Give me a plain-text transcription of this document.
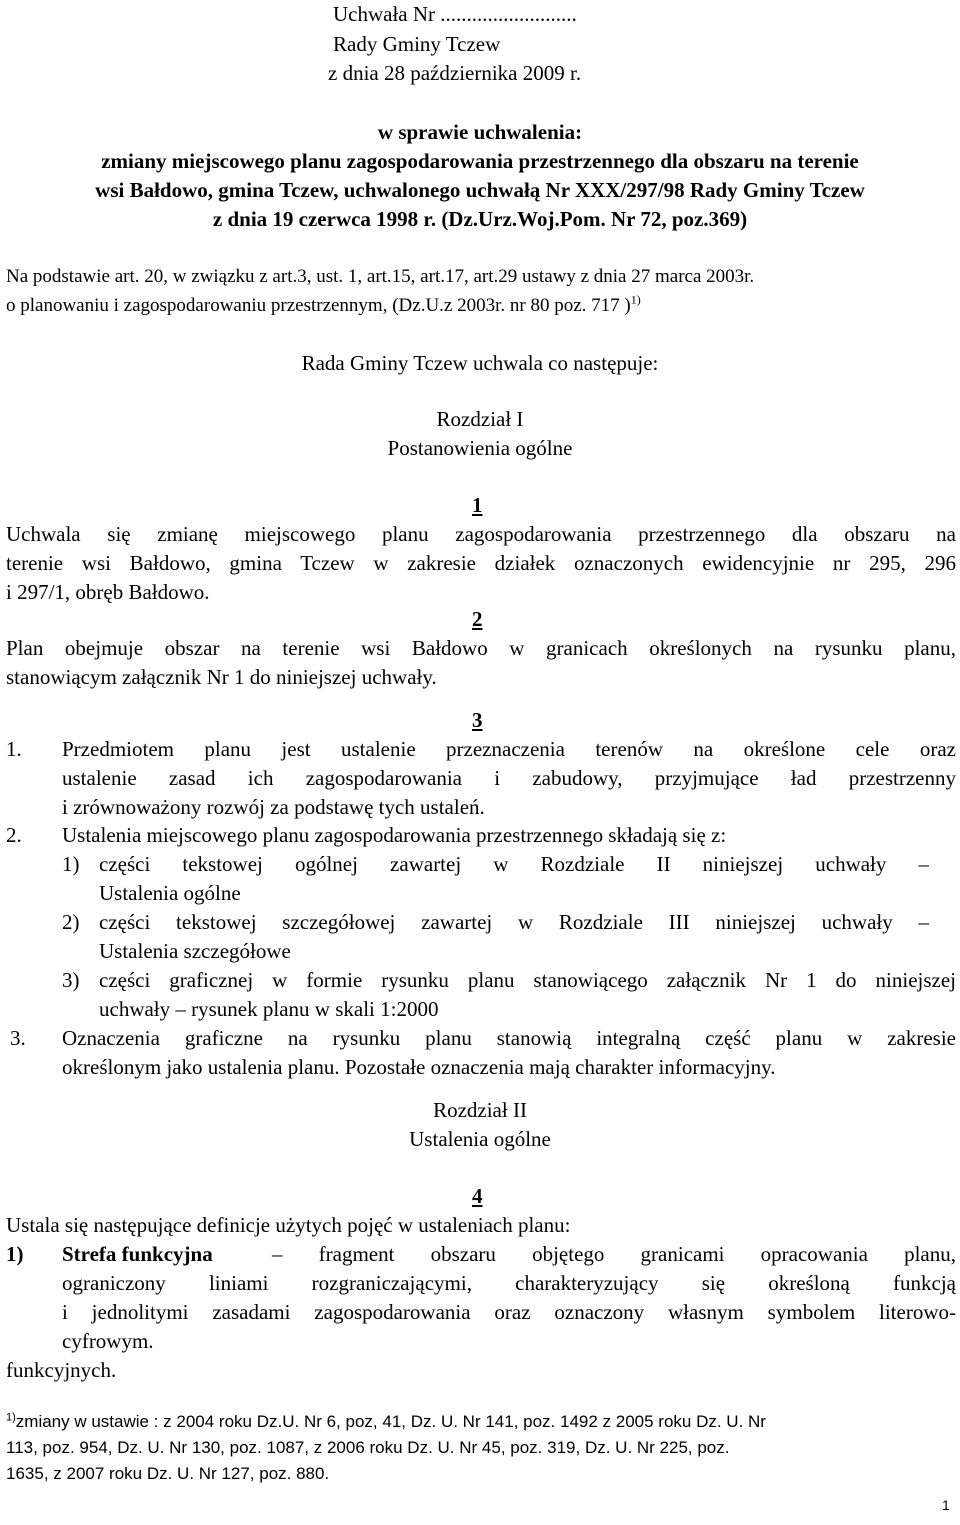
Uchwała Nr ..........................
Rady Gminy Tczew
z dnia 28 października 2009 r.
w sprawie uchwalenia:
zmiany miejscowego planu zagospodarowania przestrzennego dla obszaru na terenie
wsi Bałdowo, gmina Tczew, uchwalonego uchwałą Nr XXX/297/98 Rady Gminy Tczew
z dnia 19 czerwca 1998 r. (Dz.Urz.Woj.Pom. Nr 72, poz.369)
Na podstawie art. 20, w związku z art.3, ust. 1, art.15, art.17, art.29 ustawy z dnia 27 marca 2003r.
o planowaniu i zagospodarowaniu przestrzennym, (Dz.U.z 2003r. nr 80 poz. 717 )$^{1)}$
Rada Gminy Tczew uchwala co następuje:
Rozdział I
Postanowienia ogólne
1
Uchwala się zmianę miejscowego planu zagospodarowania przestrzennego dla obszaru na
terenie wsi Bałdowo, gmina Tczew w zakresie działek oznaczonych ewidencyjnie nr 295, 296
i 297/1, obręb Bałdowo.
2
Plan obejmuje obszar na terenie wsi Bałdowo w granicach określonych na rysunku planu,
stanowiącym załącznik Nr 1 do niniejszej uchwały.
3
1. Przedmiotem planu jest ustalenie przeznaczenia terenów na określone cele oraz
ustalenie zasad ich zagospodarowania i zabudowy, przyjmujące ład przestrzenny
i zrównoważony rozwój za podstawę tych ustaleń.
2. Ustalenia miejscowego planu zagospodarowania przestrzennego składają się z:
1) części tekstowej ogólnej zawartej w Rozdziale II niniejszej uchwały –
Ustalenia ogólne
2) części tekstowej szczegółowej zawartej w Rozdziale III niniejszej uchwały –
Ustalenia szczegółowe
3) części graficznej w formie rysunku planu stanowiącego załącznik Nr 1 do niniejszej
uchwały – rysunek planu w skali 1:2000
3. Oznaczenia graficzne na rysunku planu stanowią integralną część planu w zakresie
określonym jako ustalenia planu. Pozostałe oznaczenia mają charakter informacyjny.
Rozdział II
Ustalenia ogólne
4
Ustala się następujące definicje użytych pojęć w ustaleniach planu:
1) Strefa funkcyjna	– fragment obszaru objętego granicami opracowania planu,
ograniczony liniami rozgraniczającymi, charakteryzujący się określoną funkcją
i jednolitymi zasadami zagospodarowania oraz oznaczony własnym symbolem literowo-
cyfrowym.
funkcyjnych.
$^{1)}$zmiany w ustawie : z 2004 roku Dz.U. Nr 6, poz, 41, Dz. U. Nr 141, poz. 1492 z 2005 roku Dz. U. Nr
113, poz. 954, Dz. U. Nr 130, poz. 1087, z 2006 roku Dz. U. Nr 45, poz. 319, Dz. U. Nr 225, poz.
1635, z 2007 roku Dz. U. Nr 127, poz. 880.
1
